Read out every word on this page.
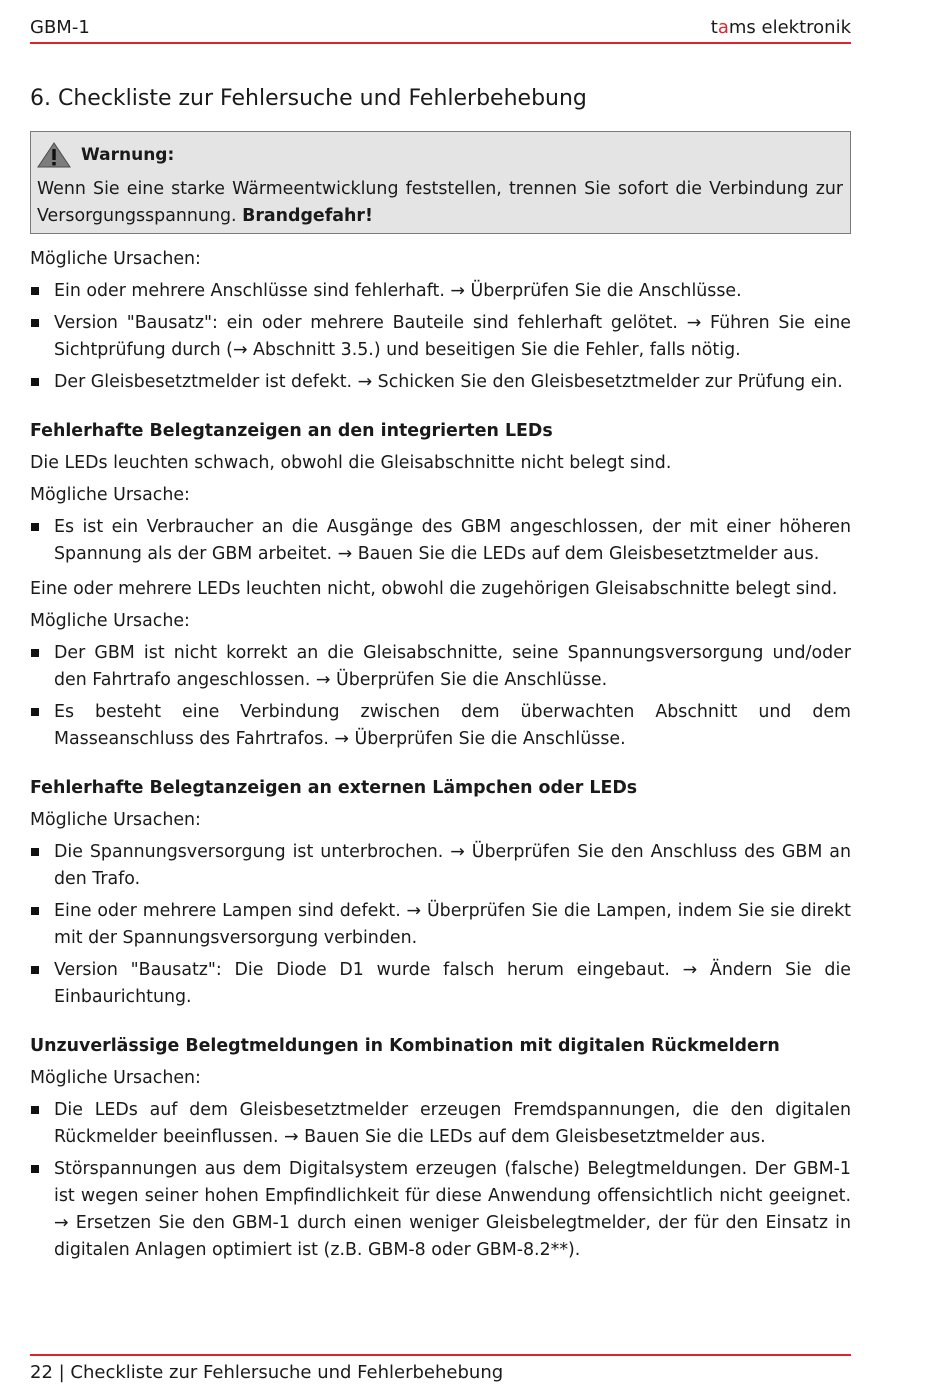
GBM-1	tams elektronik
6. Checkliste zur Fehlersuche und Fehlerbehebung
Warnung:
Wenn Sie eine starke Wärmeentwicklung feststellen, trennen Sie sofort die Verbindung zur Versorgungsspannung. Brandgefahr!

Mögliche Ursachen:

Ein oder mehrere Anschlüsse sind fehlerhaft. → Überprüfen Sie die Anschlüsse.
Version "Bausatz": ein oder mehrere Bauteile sind fehlerhaft gelötet. → Führen Sie eine Sichtprüfung durch (→ Abschnitt 3.5.) und beseitigen Sie die Fehler, falls nötig.
Der Gleisbesetztmelder ist defekt. → Schicken Sie den Gleisbesetztmelder zur Prüfung ein.
Fehlerhafte Belegtanzeigen an den integrierten LEDs

Die LEDs leuchten schwach, obwohl die Gleisabschnitte nicht belegt sind.

Mögliche Ursache:

Es ist ein Verbraucher an die Ausgänge des GBM angeschlossen, der mit einer höheren Spannung als der GBM arbeitet. → Bauen Sie die LEDs auf dem Gleisbesetztmelder aus.

Eine oder mehrere LEDs leuchten nicht, obwohl die zugehörigen Gleisabschnitte belegt sind.

Mögliche Ursache:

Der GBM ist nicht korrekt an die Gleisabschnitte, seine Spannungsversorgung und/oder den Fahrtrafo angeschlossen. → Überprüfen Sie die Anschlüsse.
Es besteht eine Verbindung zwischen dem überwachten Abschnitt und dem Masseanschluss des Fahrtrafos. → Überprüfen Sie die Anschlüsse.
Fehlerhafte Belegtanzeigen an externen Lämpchen oder LEDs

Mögliche Ursachen:

Die Spannungsversorgung ist unterbrochen. → Überprüfen Sie den Anschluss des GBM an den Trafo.
Eine oder mehrere Lampen sind defekt. → Überprüfen Sie die Lampen, indem Sie sie direkt mit der Spannungsversorgung verbinden.
Version "Bausatz": Die Diode D1 wurde falsch herum eingebaut. → Ändern Sie die Einbaurichtung.
Unzuverlässige Belegtmeldungen in Kombination mit digitalen Rückmeldern

Mögliche Ursachen:

Die LEDs auf dem Gleisbesetztmelder erzeugen Fremdspannungen, die den digitalen Rückmelder beeinflussen. → Bauen Sie die LEDs auf dem Gleisbesetztmelder aus.
Störspannungen aus dem Digitalsystem erzeugen (falsche) Belegtmeldungen. Der GBM-1 ist wegen seiner hohen Empfindlichkeit für diese Anwendung offensichtlich nicht geeignet. → Ersetzen Sie den GBM-1 durch einen weniger Gleisbelegtmelder, der für den Einsatz in digitalen Anlagen optimiert ist (z.B. GBM-8 oder GBM-8.2**).
22 | Checkliste zur Fehlersuche und Fehlerbehebung
